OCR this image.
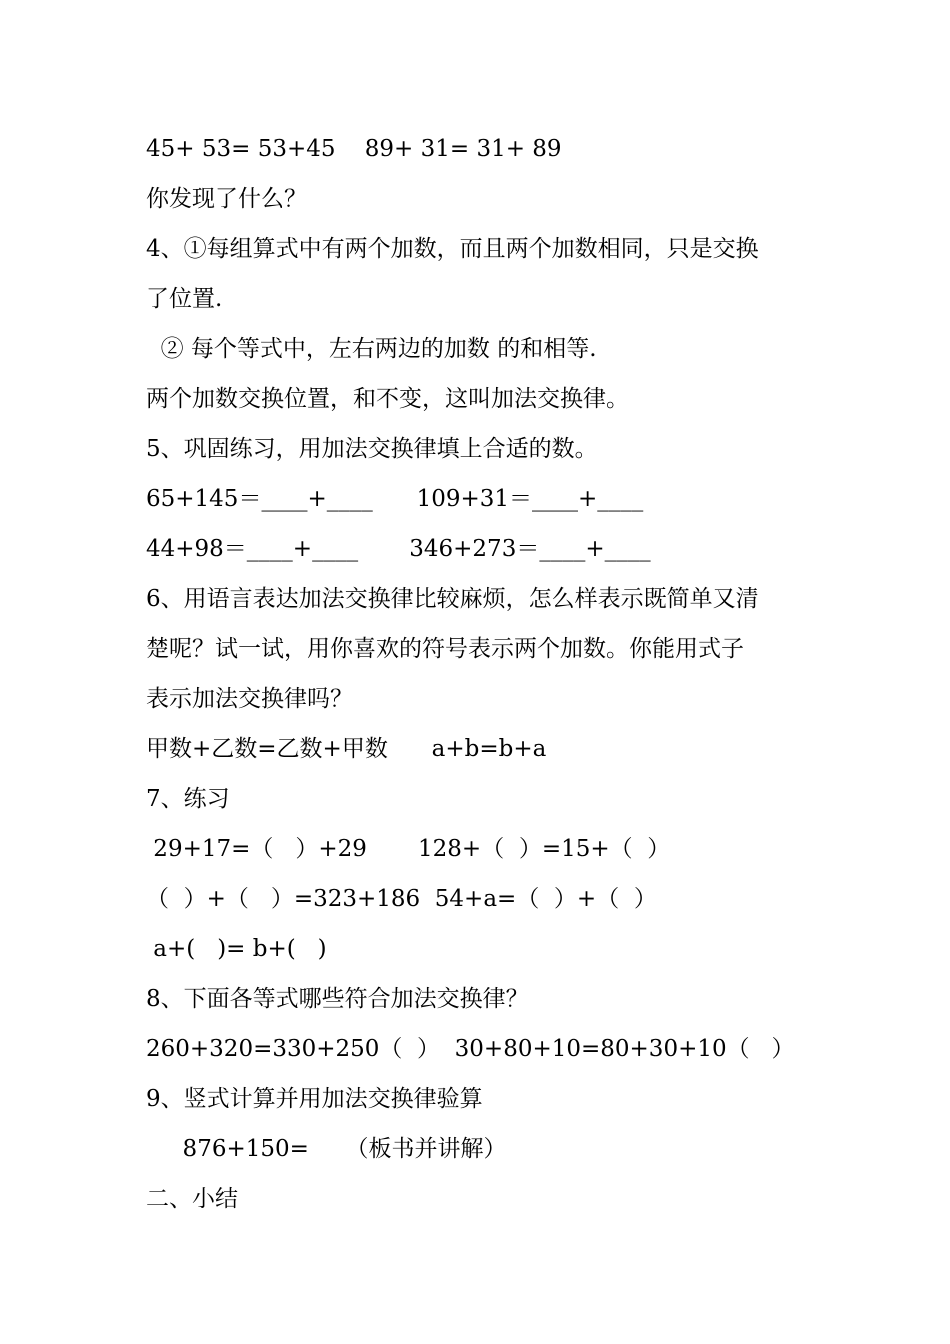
45+ 53= 53+45    89+ 31= 31+ 89
你发现了什么？
4、①每组算式中有两个加数，而且两个加数相同，只是交换
了位置.
② 每个等式中，左右两边的加数 的和相等.
两个加数交换位置，和不变，这叫加法交换律。
5、巩固练习，用加法交换律填上合适的数。
65+145＝____+____      109+31＝____+____
44+98＝____+____       346+273＝____+____
6、用语言表达加法交换律比较麻烦，怎么样表示既简单又清
楚呢？试一试，用你喜欢的符号表示两个加数。你能用式子
表示加法交换律吗？
甲数+乙数=乙数+甲数      a+b=b+a
7、练习
29+17=（   ）+29       128+（  ）=15+（  ）
（  ）+（   ）=323+186  54+a=（  ）+（  ）
a+(   )= b+(   )
8、下面各等式哪些符合加法交换律？
260+320=330+250（  ）  30+80+10=80+30+10（   ）
9、竖式计算并用加法交换律验算
876+150=     （板书并讲解）
二、小结
